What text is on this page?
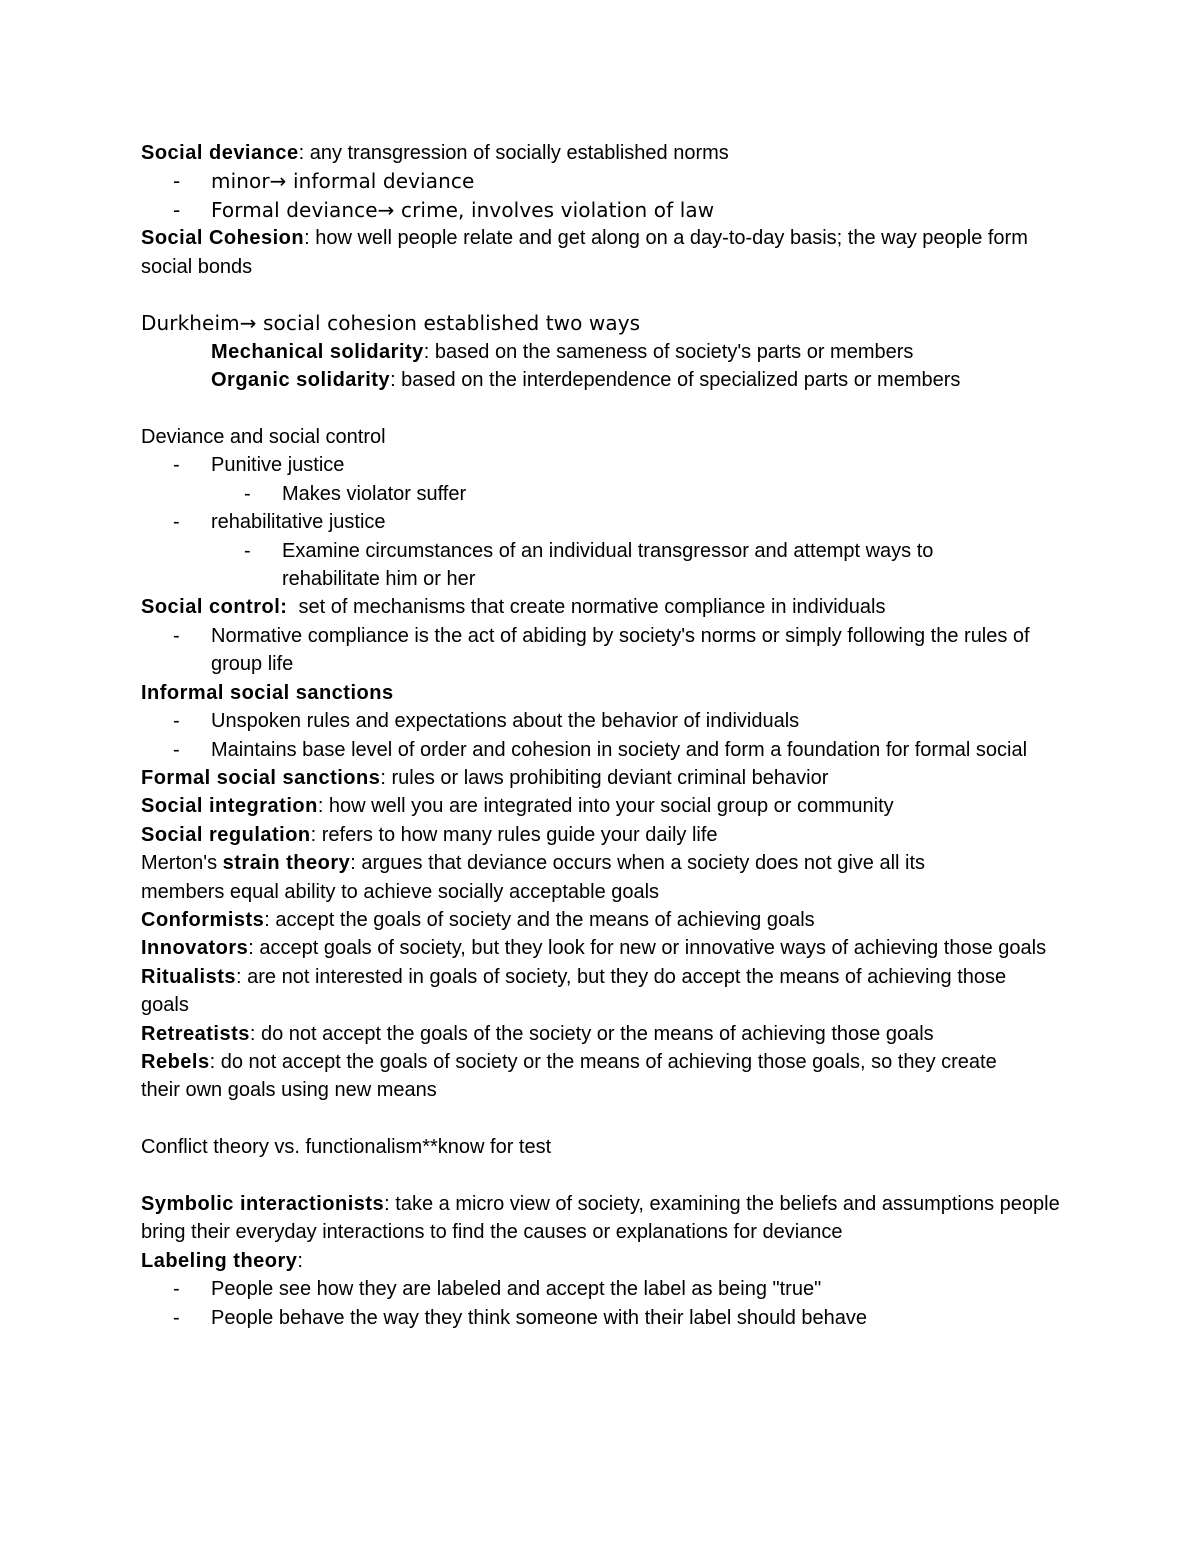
Social deviance: any transgression of socially established norms

- minor→ informal deviance

- Formal deviance→ crime, involves violation of law

Social Cohesion: how well people relate and get along on a day-to-day basis; the way people form social bonds

Durkheim→ social cohesion established two ways

Mechanical solidarity: based on the sameness of society's parts or members

Organic solidarity: based on the interdependence of specialized parts or members

Deviance and social control

- Punitive justice

- Makes violator suffer

- rehabilitative justice

- Examine circumstances of an individual transgressor and attempt ways to rehabilitate him or her

Social control:  set of mechanisms that create normative compliance in individuals

- Normative compliance is the act of abiding by society's norms or simply following the rules of group life

Informal social sanctions

- Unspoken rules and expectations about the behavior of individuals

- Maintains base level of order and cohesion in society and form a foundation for formal social

Formal social sanctions: rules or laws prohibiting deviant criminal behavior

Social integration: how well you are integrated into your social group or community

Social regulation: refers to how many rules guide your daily life

Merton's strain theory: argues that deviance occurs when a society does not give all its members equal ability to achieve socially acceptable goals

Conformists: accept the goals of society and the means of achieving goals

Innovators: accept goals of society, but they look for new or innovative ways of achieving those goals

Ritualists: are not interested in goals of society, but they do accept the means of achieving those goals

Retreatists: do not accept the goals of the society or the means of achieving those goals

Rebels: do not accept the goals of society or the means of achieving those goals, so they create their own goals using new means

Conflict theory vs. functionalism**know for test

Symbolic interactionists: take a micro view of society, examining the beliefs and assumptions people bring their everyday interactions to find the causes or explanations for deviance

Labeling theory:

- People see how they are labeled and accept the label as being "true"

- People behave the way they think someone with their label should behave
